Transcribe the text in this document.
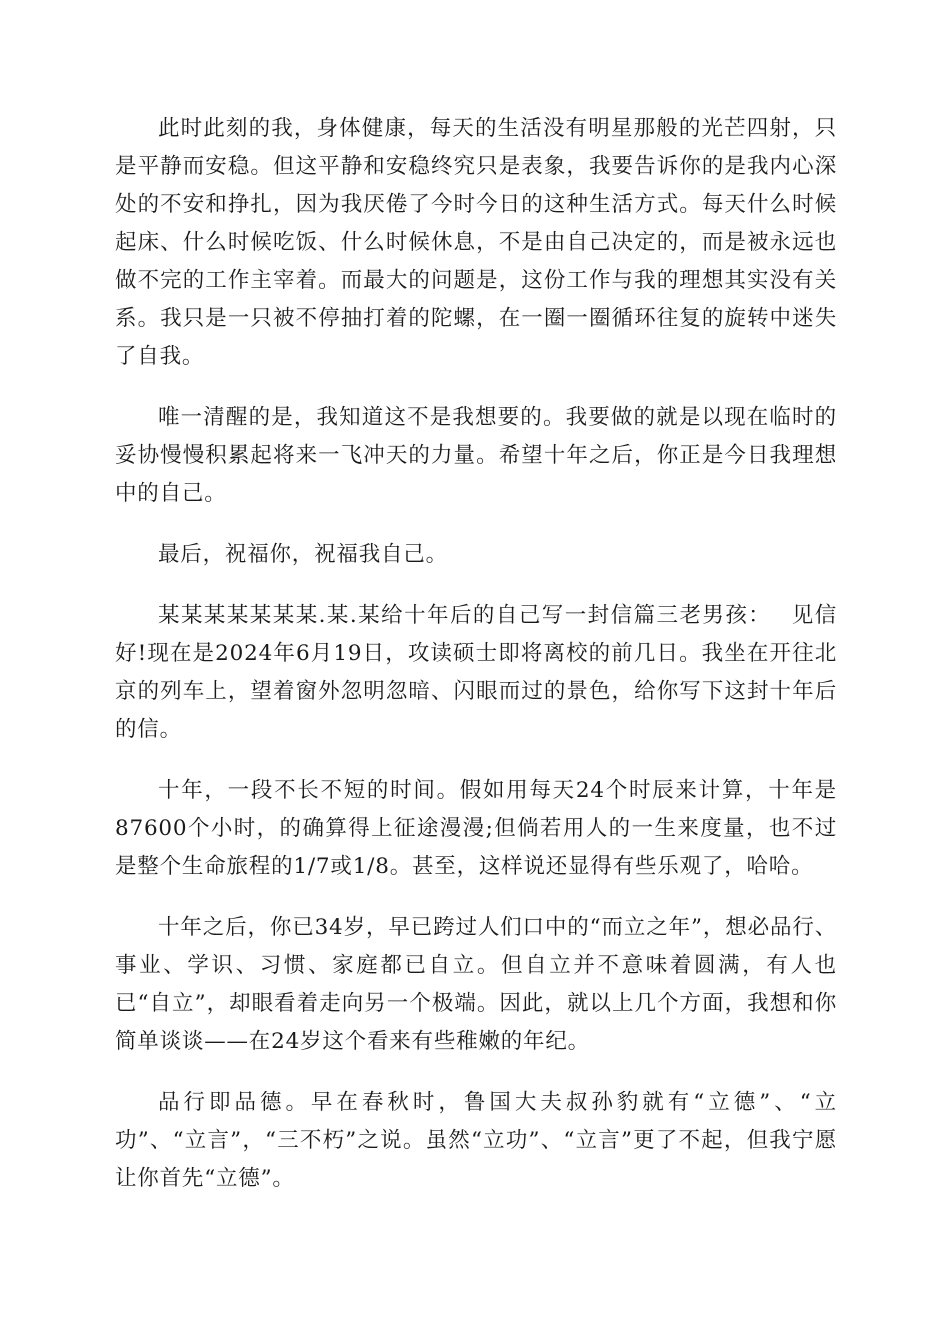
此时此刻的我，身体健康，每天的生活没有明星那般的光芒四射，只是平静而安稳。但这平静和安稳终究只是表象，我要告诉你的是我内心深处的不安和挣扎，因为我厌倦了今时今日的这种生活方式。每天什么时候起床、什么时候吃饭、什么时候休息，不是由自己决定的，而是被永远也做不完的工作主宰着。而最大的问题是，这份工作与我的理想其实没有关系。我只是一只被不停抽打着的陀螺，在一圈一圈循环往复的旋转中迷失了自我。

唯一清醒的是，我知道这不是我想要的。我要做的就是以现在临时的妥协慢慢积累起将来一飞冲天的力量。希望十年之后，你正是今日我理想中的自己。

最后，祝福你，祝福我自己。

某某某某某某某.某.某给十年后的自己写一封信篇三老男孩：　 见信好!现在是2024年6月19日，攻读硕士即将离校的前几日。我坐在开往北京的列车上，望着窗外忽明忽暗、闪眼而过的景色，给你写下这封十年后的信。

十年，一段不长不短的时间。假如用每天24个时辰来计算，十年是87600个小时，的确算得上征途漫漫;但倘若用人的一生来度量，也不过是整个生命旅程的1/7或1/8。甚至，这样说还显得有些乐观了，哈哈。

十年之后，你已34岁，早已跨过人们口中的“而立之年”，想必品行、事业、学识、习惯、家庭都已自立。但自立并不意味着圆满，有人也已“自立”，却眼看着走向另一个极端。因此，就以上几个方面，我想和你简单谈谈——在24岁这个看来有些稚嫩的年纪。

品行即品德。早在春秋时，鲁国大夫叔孙豹就有“立德”、“立功”、“立言”，“三不朽”之说。虽然“立功”、“立言”更了不起，但我宁愿让你首先“立德”。
